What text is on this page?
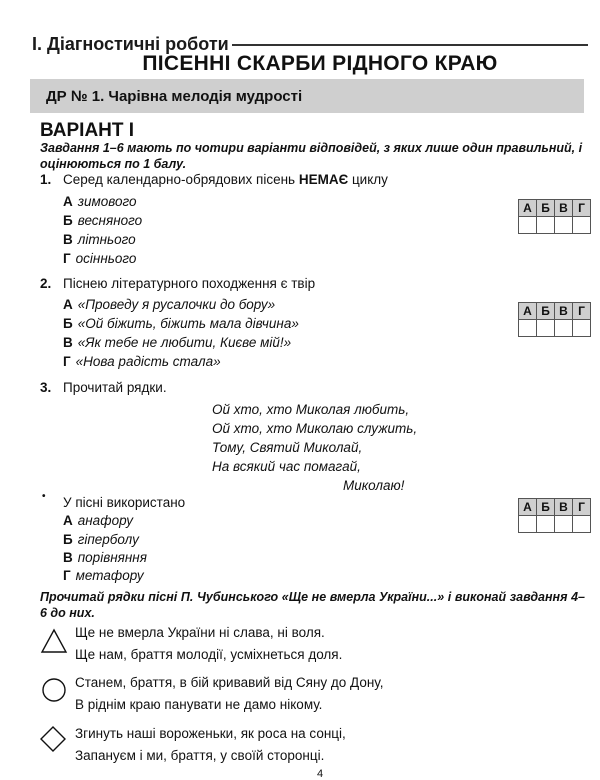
І. Діагностичні роботи
ПІСЕННІ СКАРБИ РІДНОГО КРАЮ
ДР № 1. Чарівна мелодія мудрості
ВАРІАНТ І
Завдання 1–6 мають по чотири варіанти відповідей, з яких лише один правильний, і оцінюються по 1 балу.
1. Серед календарно-обрядових пісень НЕМАЄ циклу
А зимового
Б весняного
В літнього
Г осіннього
А	Б	В	Г

2. Піснею літературного походження є твір
А «Проведу я русалочки до бору»
Б «Ой біжить, біжить мала дівчина»
В «Як тебе не любити, Києве мій!»
Г «Нова радість стала»
А	Б	В	Г

3. Прочитай рядки.
Ой хто, хто Миколая любить,
Ой хто, хто Миколаю служить,
Тому, Святий Миколай,
На всякий час помагай,
Миколаю!
• У пісні використано
А анафору
Б гіперболу
В порівняння
Г метафору
А	Б	В	Г

Прочитай рядки пісні П. Чубинського «Ще не вмерла України...» і виконай завдання 4–6 до них.
Ще не вмерла України ні слава, ні воля.
Ще нам, браття молодії, усміхнеться доля.
Станем, браття, в бій кривавий від Сяну до Дону,
В ріднім краю панувати не дамо нікому.
Згинуть наші вороженьки, як роса на сонці,
Запануєм і ми, браття, у своїй сторонці.
4
